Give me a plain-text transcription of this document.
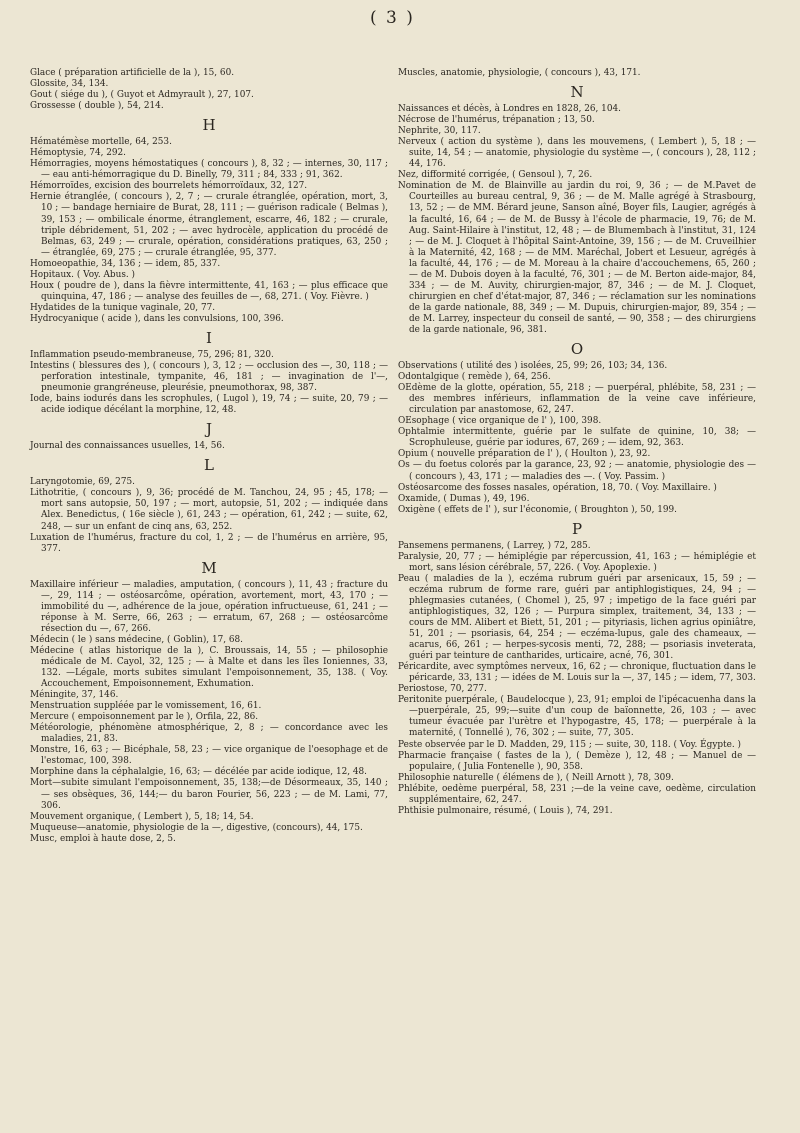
( 3 )
Glace ( préparation artificielle de la ), 15, 60.
Glossite, 34, 134.
Gout ( siége du ), ( Guyot et Admyrault ), 27, 107.
Grossesse ( double ), 54, 214.
H
Hématémèse mortelle, 64, 253.
Hémoptysie, 74, 292.
Hémorragies, moyens hémostatiques ( concours ), 8, 32 ; — internes, 30, 117 ; — eau anti-hémorragique du D. Binelly, 79, 311 ; 84, 333 ; 91, 362.
Hémorroïdes, excision des bourrelets hémorroïdaux, 32, 127.
Hernie étranglée, ( concours ), 2, 7 ; — crurale étranglée, opération, mort, 3, 10 ; — bandage herniaire de Burat, 28, 111 ; — guérison radicale ( Belmas ), 39, 153 ; — ombilicale énorme, étranglement, escarre, 46, 182 ; — crurale, triple débridement, 51, 202 ; — avec hydrocèle, application du procédé de Belmas, 63, 249 ; — crurale, opération, considérations pratiques, 63, 250 ; — étranglée, 69, 275 ; — crurale étranglée, 95, 377.
Homoeopathie, 34, 136 ; — idem, 85, 337.
Hopitaux. ( Voy. Abus. )
Houx ( poudre de ), dans la fièvre intermittente, 41, 163 ; — plus efficace que quinquina, 47, 186 ; — analyse des feuilles de —, 68, 271. ( Voy. Fièvre. )
Hydatides de la tunique vaginale, 20, 77.
Hydrocyanique ( acide ), dans les convulsions, 100, 396.
I
Inflammation pseudo-membraneuse, 75, 296; 81, 320.
Intestins ( blessures des ), ( concours ), 3, 12 ; — occlusion des —, 30, 118 ; — perforation intestinale, tympanite, 46, 181 ; — invagination de l'—, pneumonie grangréneuse, pleurésie, pneumothorax, 98, 387.
Iode, bains iodurés dans les scrophules, ( Lugol ), 19, 74 ; — suite, 20, 79 ; — acide iodique décélant la morphine, 12, 48.
J
Journal des connaissances usuelles, 14, 56.
L
Laryngotomie, 69, 275.
Lithotritie, ( concours ), 9, 36; procédé de M. Tanchou, 24, 95 ; 45, 178; — mort sans autopsie, 50, 197 ; — mort, autopsie, 51, 202 ; — indiquée dans Alex. Benedictus, ( 16e siècle ), 61, 243 ; — opération, 61, 242 ; — suite, 62, 248, — sur un enfant de cinq ans, 63, 252.
Luxation de l'humérus, fracture du col, 1, 2 ; — de l'humérus en arrière, 95, 377.
M
Maxillaire inférieur — maladies, amputation, ( concours ), 11, 43 ; fracture du —, 29, 114 ; — ostéosarcôme, opération, avortement, mort, 43, 170 ; — immobilité du —, adhérence de la joue, opération infructueuse, 61, 241 ; — réponse à M. Serre, 66, 263 ; — erratum, 67, 268 ; — ostéosarcôme résection du —, 67, 266.
Médecin ( le ) sans médecine, ( Goblin), 17, 68.
Médecine ( atlas historique de la ), C. Broussais, 14, 55 ; — philosophie médicale de M. Cayol, 32, 125 ; — à Malte et dans les îles Ioniennes, 33, 132. —Légale, morts subites simulant l'empoisonnement, 35, 138. ( Voy. Accouchement, Empoisonnement, Exhumation.
Méningite, 37, 146.
Menstruation suppléée par le vomissement, 16, 61.
Mercure ( empoisonnement par le ), Orfila, 22, 86.
Météorologie, phénomène atmosphérique, 2, 8 ; — concordance avec les maladies, 21, 83.
Monstre, 16, 63 ; — Bicéphale, 58, 23 ; — vice organique de l'oesophage et de l'estomac, 100, 398.
Morphine dans la céphalalgie, 16, 63; — décélée par acide iodique, 12, 48.
Mort—subite simulant l'empoisonnement, 35, 138;—de Désormeaux, 35, 140 ; — ses obsèques, 36, 144;— du baron Fourier, 56, 223 ; — de M. Lami, 77, 306.
Mouvement organique, ( Lembert ), 5, 18; 14, 54.
Muqueuse—anatomie, physiologie de la —, digestive, (concours), 44, 175.
Musc, emploi à haute dose, 2, 5.
Muscles, anatomie, physiologie, ( concours ), 43, 171.
N
Naissances et décès, à Londres en 1828, 26, 104.
Nécrose de l'humérus, trépanation ; 13, 50.
Nephrite, 30, 117.
Nerveux ( action du système ), dans les mouvemens, ( Lembert ), 5, 18 ; — suite, 14, 54 ; — anatomie, physiologie du système —, ( concours ), 28, 112 ; 44, 176.
Nez, difformité corrigée, ( Gensoul ), 7, 26.
Nomination de M. de Blainville au jardin du roi, 9, 36 ; — de M.Pavet de Courteilles au bureau central, 9, 36 ; — de M. Malle agrégé à Strasbourg, 13, 52 ; — de MM. Bérard jeune, Sanson aîné, Boyer fils, Laugier, agrégés à la faculté, 16, 64 ; — de M. de Bussy à l'école de pharmacie, 19, 76; de M. Aug. Saint-Hilaire à l'institut, 12, 48 ; — de Blumembach à l'institut, 31, 124 ; — de M. J. Cloquet à l'hôpital Saint-Antoine, 39, 156 ; — de M. Cruveilhier à la Maternité, 42, 168 ; — de MM. Maréchal, Jobert et Lesueur, agrégés à la faculté, 44, 176 ; — de M. Moreau à la chaire d'accouchemens, 65, 260 ; — de M. Dubois doyen à la faculté, 76, 301 ; — de M. Berton aide-major, 84, 334 ; — de M. Auvity, chirurgien-major, 87, 346 ; — de M. J. Cloquet, chirurgien en chef d'état-major, 87, 346 ; — réclamation sur les nominations de la garde nationale, 88, 349 ; — M. Dupuis, chirurgien-major, 89, 354 ; — de M. Larrey, inspecteur du conseil de santé, — 90, 358 ; — des chirurgiens de la garde nationale, 96, 381.
O
Observations ( utilité des ) isolées, 25, 99; 26, 103; 34, 136.
Odontalgique ( remède ), 64, 256.
OEdème de la glotte, opération, 55, 218 ; — puerpéral, phlébite, 58, 231 ; — des membres inférieurs, inflammation de la veine cave inférieure, circulation par anastomose, 62, 247.
OEsophage ( vice organique de l' ), 100, 398.
Ophtalmie intermittente, guérie par le sulfate de quinine, 10, 38; — Scrophuleuse, guérie par iodures, 67, 269 ; — idem, 92, 363.
Opium ( nouvelle préparation de l' ), ( Houlton ), 23, 92.
Os — du foetus colorés par la garance, 23, 92 ; — anatomie, physiologie des — ( concours ), 43, 171 ; — maladies des —. ( Voy. Passim. )
Ostéosarcome des fosses nasales, opération, 18, 70. ( Voy. Maxillaire. )
Oxamide, ( Dumas ), 49, 196.
Oxigène ( effets de l' ), sur l'économie, ( Broughton ), 50, 199.
P
Pansemens permanens, ( Larrey, ) 72, 285.
Paralysie, 20, 77 ; — hémiplégie par répercussion, 41, 163 ; — hémiplégie et mort, sans lésion cérébrale, 57, 226. ( Voy. Apoplexie. )
Peau ( maladies de la ), eczéma rubrum guéri par arsenicaux, 15, 59 ; — eczéma rubrum de forme rare, guéri par antiphlogistiques, 24, 94 ; — phlegmasies cutanées, ( Chomel ), 25, 97 ; impetigo de la face guéri par antiphlogistiques, 32, 126 ; — Purpura simplex, traitement, 34, 133 ; — cours de MM. Alibert et Biett, 51, 201 ; — pityriasis, lichen agrius opiniâtre, 51, 201 ; — psoriasis, 64, 254 ; — eczéma-lupus, gale des chameaux, — acarus, 66, 261 ; — herpes-sycosis menti, 72, 288; — psoriasis inveterata, guéri par teinture de cantharides, urticaire, acné, 76, 301.
Péricardite, avec symptômes nerveux, 16, 62 ; — chronique, fluctuation dans le péricarde, 33, 131 ; — idées de M. Louis sur la —, 37, 145 ; — idem, 77, 303.
Periostose, 70, 277.
Peritonite puerpérale, ( Baudelocque ), 23, 91; emploi de l'ipécacuenha dans la—puerpérale, 25, 99;—suite d'un coup de baïonnette, 26, 103 ; — avec tumeur évacuée par l'urètre et l'hypogastre, 45, 178; — puerpérale à la maternité, ( Tonnellé ), 76, 302 ; — suite, 77, 305.
Peste observée par le D. Madden, 29, 115 ; — suite, 30, 118. ( Voy. Égypte. )
Pharmacie française ( fastes de la ), ( Demèze ), 12, 48 ; — Manuel de — populaire, ( Julia Fontenelle ), 90, 358.
Philosophie naturelle ( élémens de ), ( Neill Arnott ), 78, 309.
Phlébite, oedème puerpéral, 58, 231 ;—de la veine cave, oedème, circulation supplémentaire, 62, 247.
Phthisie pulmonaire, résumé, ( Louis ), 74, 291.
